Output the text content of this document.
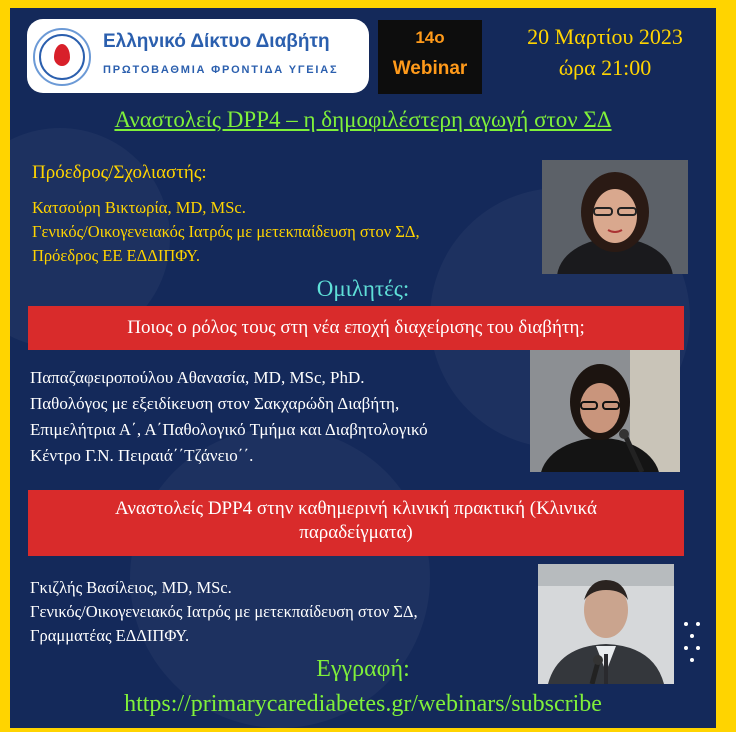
Ελληνικό Δίκτυο Διαβήτη
ΠΡΩΤΟΒΑΘΜΙΑ ΦΡΟΝΤΙΔΑ ΥΓΕΙΑΣ
14ο
Webinar
20 Μαρτίου 2023
ώρα 21:00
Αναστολείς DPP4 – η δημοφιλέστερη αγωγή στον ΣΔ
Πρόεδρος/Σχολιαστής:
Κατσούρη Βικτωρία, MD, MSc.
Γενικός/Οικογενειακός Ιατρός με μετεκπαίδευση στον ΣΔ,
Πρόεδρος ΕΕ ΕΔΔΙΠΦΥ.
Ομιλητές:
Ποιος ο ρόλος τους στη νέα εποχή διαχείρισης του διαβήτη;
Παπαζαφειροπούλου Αθανασία, MD, MSc, PhD.
Παθολόγος με εξειδίκευση στον Σακχαρώδη Διαβήτη,
Επιμελήτρια Α΄, Α΄Παθολογικό Τμήμα και Διαβητολογικό
Κέντρο Γ.Ν. Πειραιά΄΄Τζάνειο΄΄.
Αναστολείς DPP4 στην καθημερινή κλινική πρακτική (Κλινικά
παραδείγματα)
Γκιζλής Βασίλειος, MD, MSc.
Γενικός/Οικογενειακός Ιατρός με μετεκπαίδευση στον ΣΔ,
Γραμματέας ΕΔΔΙΠΦΥ.
Εγγραφή:
https://primarycarediabetes.gr/webinars/subscribe
